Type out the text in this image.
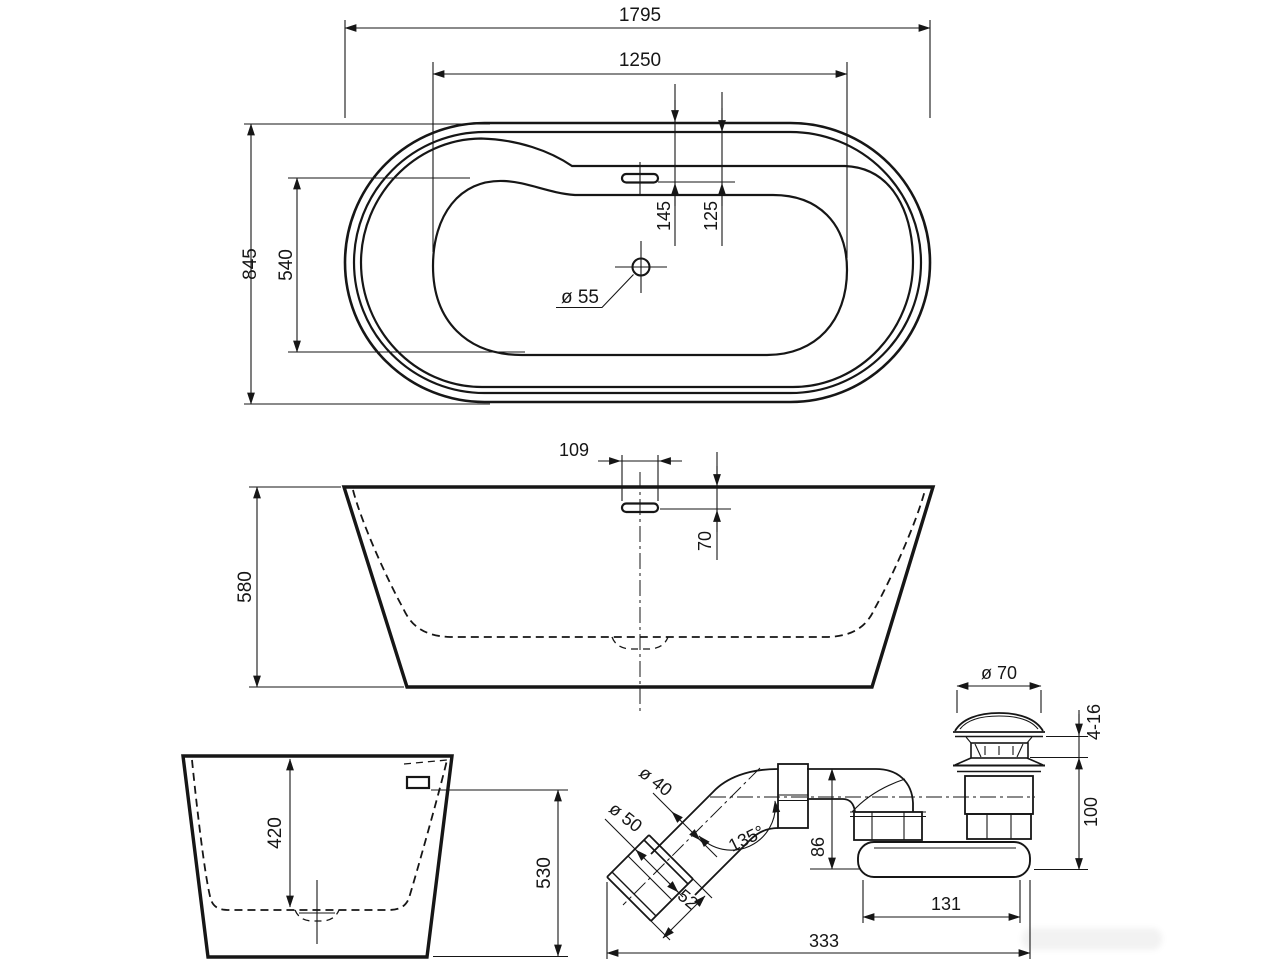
1795
1250
845 540
145 125
ø 55
109
70
580
420
530
ø 70
4-16
100
86
131
333
ø 40
ø 50
52
135°
